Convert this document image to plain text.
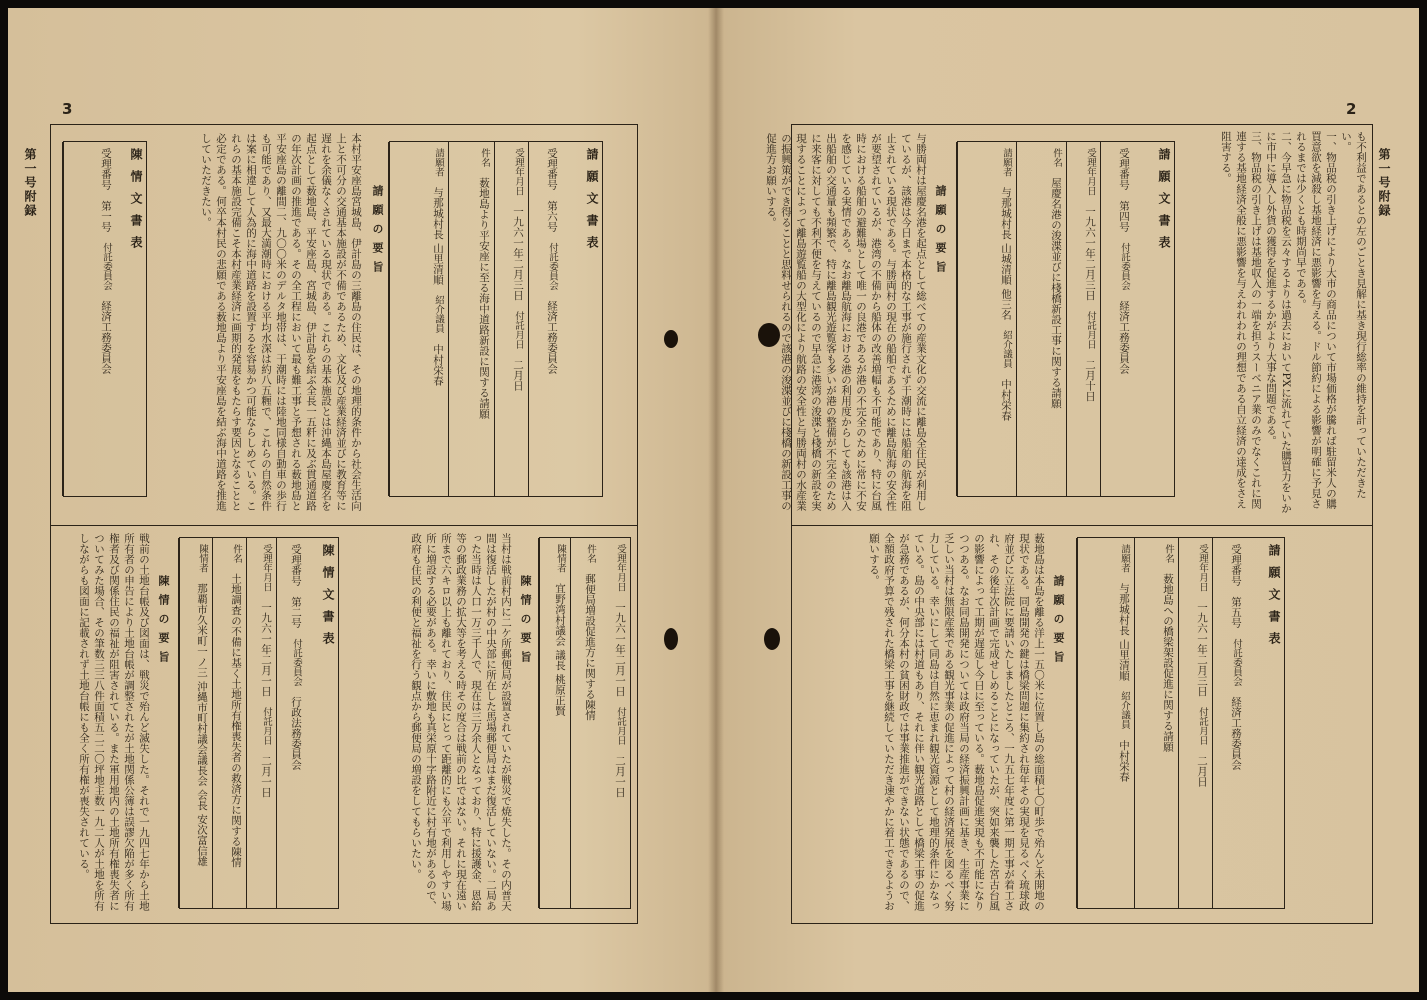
3	2
第一号附録	第一号附録
も不利益であるとの左のごとき見解に基き現行総率の維持を計っていただきたい。
一、物品税の引き上げにより大市の商品について市場価格が騰れば駐留米人の購買意欲を減殺し基地経済に悪影響を与える。ドル節約による影響が明確に予見されるまでは少くとも時期尚早である。
二、今早急に物品税を云々するよりは過去においてPXに流れていた購買力をいかに市中に導入し外貨の獲得を促進するかがより大事な問題である。
三、物品税の引き上げは基地収入の一端を担うスーベニア業のみでなくこれに関連する基地経済全般に悪影響を与えわれわれの理想である自立経済の達成をさえ阻害する。
請願文書表
受理番号　第四号　付託委員会　経済工務委員会
受理年月日　一九六一年二月三日　付託月日　二月十日
件名　屋慶名港の浚渫並びに棧橋新設工事に関する請願
請願者　与那城村長 山城清順 他三名　紹介議員　中村栄春
請願の要旨
与勝両村は屋慶名港を起点として総べての産業文化の交流に離島全住民が利用しているが、該港は今日まで本格的な工事が施行されず干潮時には船舶の航海を阻止されている現状である。与勝両村の現在の船舶であるために離島航海の安全性が要望されているが、港湾の不備から船体の改善増幅も不可能であり、特に台風時における船舶の避難場として唯一の良港であるが港の不完全のために常に不安を感じている実情である。なお離島航海における港の利用度からしても該港は入出船舶の交通量も頻繁で、特に離島観光遊覧客も多いが港の整備が不完全のために来客に対しても不利不便を与えているので早急に港湾の浚渫と棧橋の新設を実現することによって離島遊覧船の大型化により航路の安全性と与勝両村の水産業の振興策ができ得ることと思料せられるので該港の浚渫並びに棧橋の新設工事の促進方お願いする。
請願文書表
受理番号　第五号　付託委員会　経済工務委員会
受理年月日　一九六一年二月三日　付託月日　二月日
件名　薮地島への橋梁架設促進に関する請願
請願者　与那城村長 山里清順　紹介議員　中村栄春
請願の要旨
薮地島は本島を離る洋上一五〇米に位置し島の総面積七〇町歩で殆んど未開地の現状である。同島開発の鍵は橋梁問題に集約され毎年その実現を見るべく琉球政府並びに立法院に要請いたしましたところ、一九五七年度に第一期工事が着工され、その後年次計画で完成せしめることになっていたが、突如来襲した宮古台風の影響によって工期が遅延し今日に至っている。薮地島促進実現も不可能になりつつある。なお同島開発については政府当局の経済振興計画に基き、生産事業に乏しい当村は無限産業である観光事業の促進によって村の経済発展を図るべく努力している。幸いにして同島は自然に恵まれ観光資源として地理的条件にかなっている。島の中央部には村道もあり、それに伴い観光道路として橋梁工事の促進が急務であるが、何分本村の貧困財政では事業推進ができない状態であるので、全額政府予算で残された橋梁工事を継続していただき速やかに着工できるようお願いする。
請願文書表
受理番号　第六号　付託委員会　経済工務委員会
受理年月日　一九六一年二月三日　付託月日　二月日
件名　薮地島より平安座に至る海中道路新設に関する請願
請願者　与那城村長 山里清順　紹介議員　中村栄春
請願の要旨
本村平安座島宮城島、伊計島の三離島の住民は、その地理的条件から社会生活向上と不可分の交通基本施設が不備であるため、文化及び産業経済並びに教育等に遅れを余儀なくされている現状である。これらの基本施設とは沖縄本島屋慶名を起点として薮地島、平安座島、宮城島、伊計島を結ぶ全長一五粁に及ぶ貫通道路の年次計画の推進である。その全工程において最も難工事と予想される薮地島と平安座島の離間二、九〇〇米のデルタ地帯は、干潮時には陸地同様自動車の歩行も可能であり、又最大満潮時における平均水深は約八五糎で、これらの自然条件は案に相違して人為的に海中道路を設置するを容易かつ可能ならしめている。これらの基本施設完備こそ本村産業経済に画期的発展をもたらす要因となることと必定である。何卒本村民の悲願である薮地島より平安座島を結ぶ海中道路を推進していただきたい。
陳情文書表
受理番号　第一号　付託委員会　経済工務委員会
受理年月日　一九六一年二月一日　付託月日　二月一日
件名　郵便局増設促進方に関する陳情
陳情者　宜野湾村議会 議長 桃原正賢
陳情の要旨
当村は戦前村内に二ケ所郵便局が設置されていたが戦災で焼失した。その内普天間は復活したが村の中央部に所在した馬場郵便局はまだ復活していない。二局あった当時は人口一万三千人で、現在は三万余人となっており、特に援護金、恩給等の郵政業務の拡大等を考える時その度合は戦前の比ではない。それに現在遠い所まで六キロ以上も離れており、住民にとって距離的にも公平で利用しやすい場所に増設する必要がある。幸いに敷地も真栄原十字路附近に村有地があるので、政府も住民の利便と福祉を行う観点から郵便局の増設をしてもらいたい。
陳情文書表
受理番号　第二号　付託委員会　行政法務委員会
受理年月日　一九六一年二月一日　付託月日　二月一日
件名　土地調査の不備に基く土地所有権喪失者の救済方に関する陳情
陳情者　那覇市久米町一ノ三 沖縄市町村議会議長会 会長 安次富信雄
陳情の要旨
戦前の土地台帳及び図面は、戦災で殆んど滅失した。それで一九四七年から土地所有者の申告により土地台帳が調整されたが土地関係公簿は誤謬欠陥が多く所有権者及び関係住民の福祉が阻害されている。また軍用地内の土地所有権喪失者についてみた場合、その筆数三三八件面積五二二〇坪地主数一九二人が土地を所有しながらも図面に記載されず土地台帳にも全く所有権が喪失されている。
